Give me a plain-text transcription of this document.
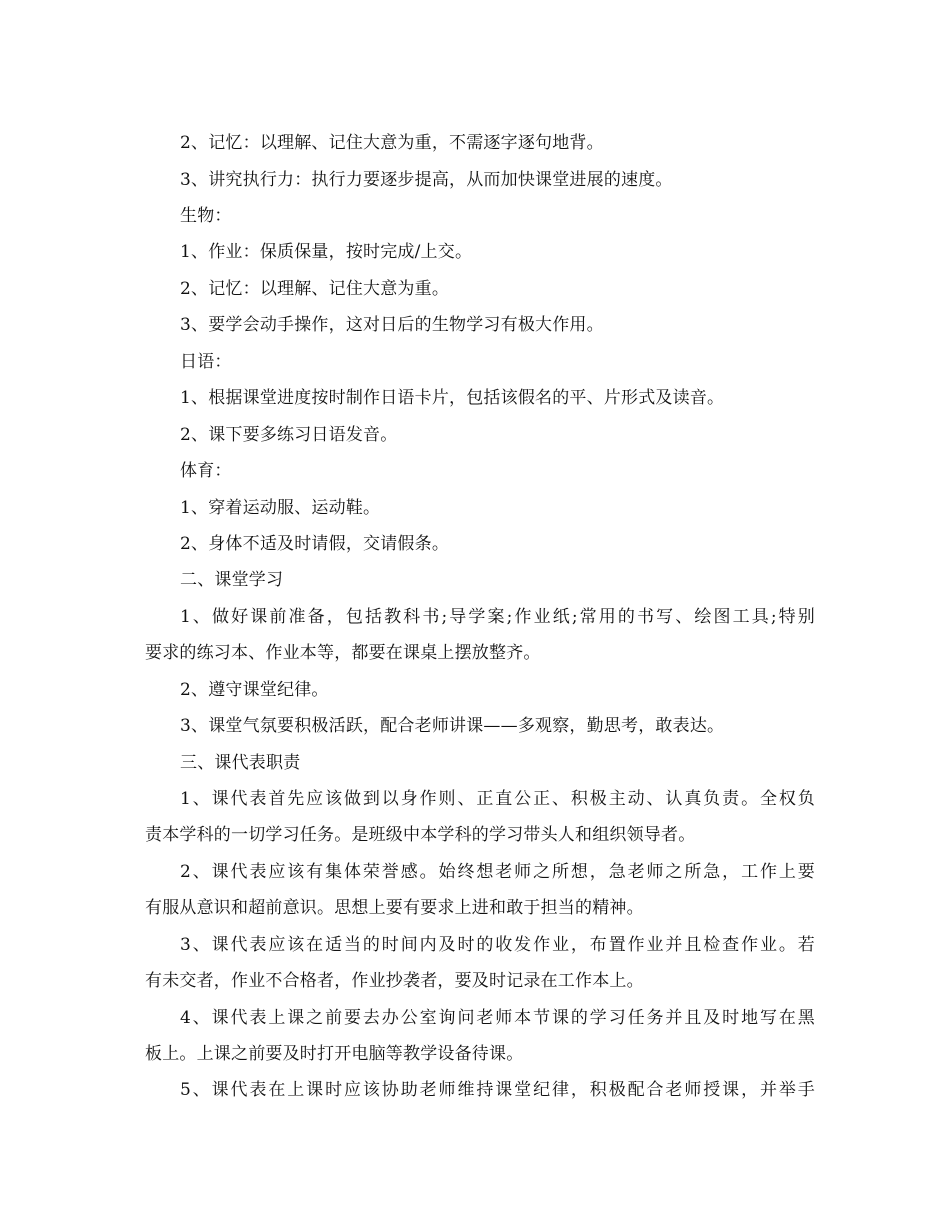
2、记忆：以理解、记住大意为重，不需逐字逐句地背。
3、讲究执行力：执行力要逐步提高，从而加快课堂进展的速度。
生物：
1、作业：保质保量，按时完成/上交。
2、记忆：以理解、记住大意为重。
3、要学会动手操作，这对日后的生物学习有极大作用。
日语：
1、根据课堂进度按时制作日语卡片，包括该假名的平、片形式及读音。
2、课下要多练习日语发音。
体育：
1、穿着运动服、运动鞋。
2、身体不适及时请假，交请假条。
二、课堂学习
1、做好课前准备，包括教科书;导学案;作业纸;常用的书写、绘图工具;特别
要求的练习本、作业本等，都要在课桌上摆放整齐。
2、遵守课堂纪律。
3、课堂气氛要积极活跃，配合老师讲课——多观察，勤思考，敢表达。
三、课代表职责
1、课代表首先应该做到以身作则、正直公正、积极主动、认真负责。全权负
责本学科的一切学习任务。是班级中本学科的学习带头人和组织领导者。
2、课代表应该有集体荣誉感。始终想老师之所想，急老师之所急，工作上要
有服从意识和超前意识。思想上要有要求上进和敢于担当的精神。
3、课代表应该在适当的时间内及时的收发作业，布置作业并且检查作业。若
有未交者，作业不合格者，作业抄袭者，要及时记录在工作本上。
4、课代表上课之前要去办公室询问老师本节课的学习任务并且及时地写在黑
板上。上课之前要及时打开电脑等教学设备待课。
5、课代表在上课时应该协助老师维持课堂纪律，积极配合老师授课，并举手
